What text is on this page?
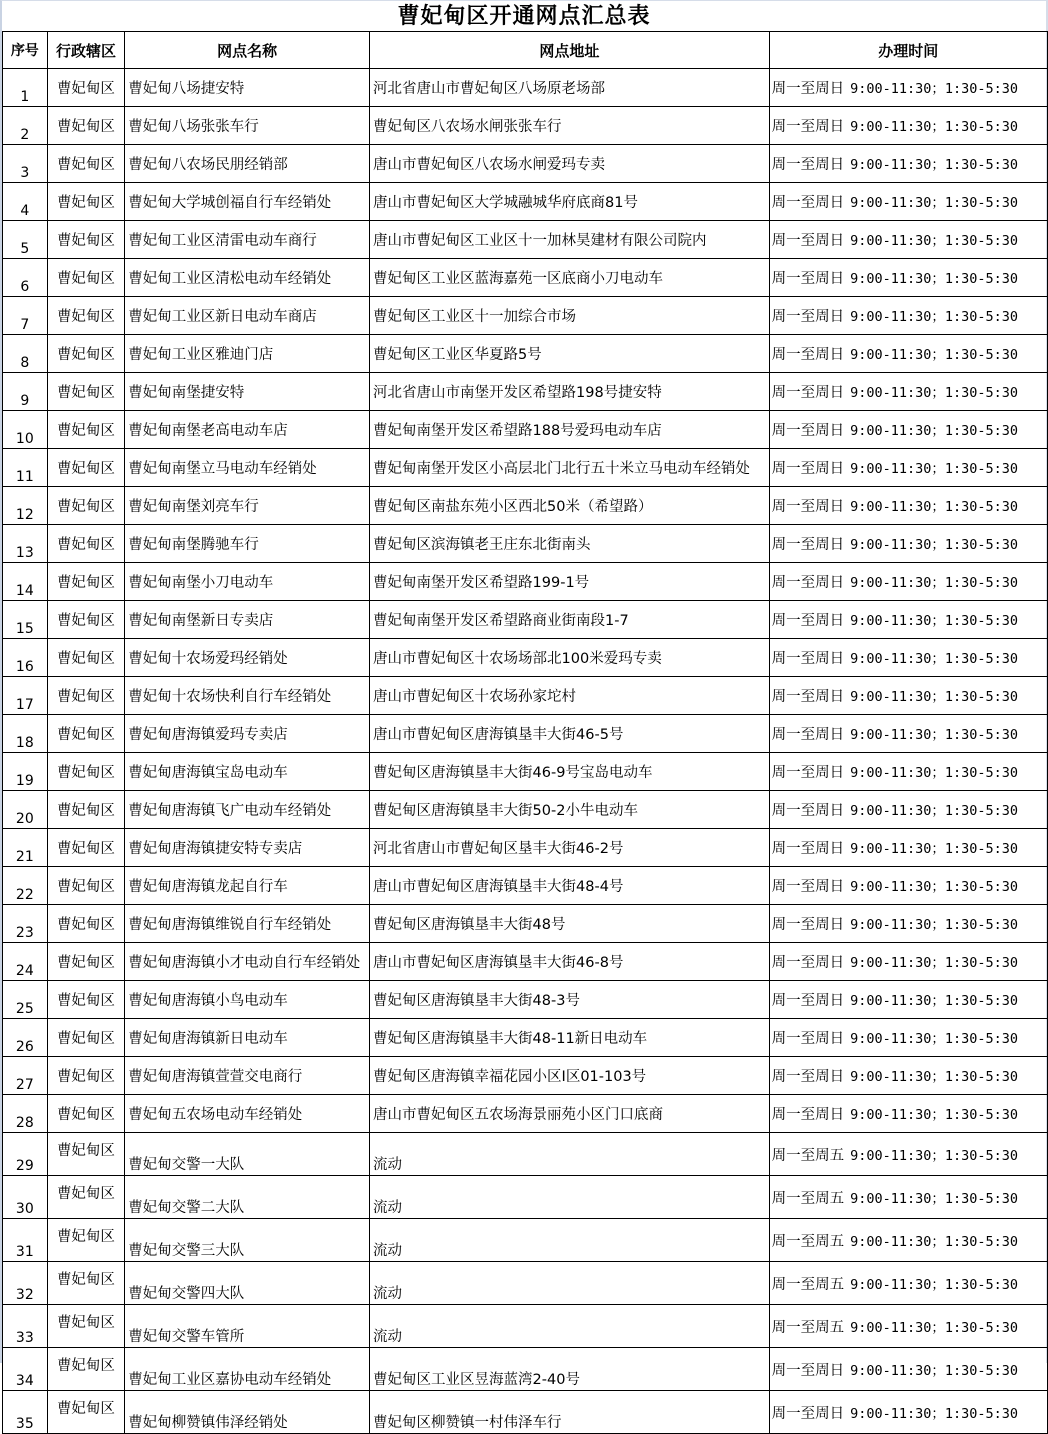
曹妃甸区开通网点汇总表
序号	行政辖区	网点名称	网点地址	办理时间
1	曹妃甸区	曹妃甸八场捷安特	河北省唐山市曹妃甸区八场原老场部	周一至周日 9:00-11:30；1:30-5:30
2	曹妃甸区	曹妃甸八场张张车行	曹妃甸区八农场水闸张张车行	周一至周日 9:00-11:30；1:30-5:30
3	曹妃甸区	曹妃甸八农场民朋经销部	唐山市曹妃甸区八农场水闸爱玛专卖	周一至周日 9:00-11:30；1:30-5:30
4	曹妃甸区	曹妃甸大学城创福自行车经销处	唐山市曹妃甸区大学城融城华府底商81号	周一至周日 9:00-11:30；1:30-5:30
5	曹妃甸区	曹妃甸工业区清雷电动车商行	唐山市曹妃甸区工业区十一加林昊建材有限公司院内	周一至周日 9:00-11:30；1:30-5:30
6	曹妃甸区	曹妃甸工业区清松电动车经销处	曹妃甸区工业区蓝海嘉苑一区底商小刀电动车	周一至周日 9:00-11:30；1:30-5:30
7	曹妃甸区	曹妃甸工业区新日电动车商店	曹妃甸区工业区十一加综合市场	周一至周日 9:00-11:30；1:30-5:30
8	曹妃甸区	曹妃甸工业区雅迪门店	曹妃甸区工业区华夏路5号	周一至周日 9:00-11:30；1:30-5:30
9	曹妃甸区	曹妃甸南堡捷安特	河北省唐山市南堡开发区希望路198号捷安特	周一至周日 9:00-11:30；1:30-5:30
10	曹妃甸区	曹妃甸南堡老高电动车店	曹妃甸南堡开发区希望路188号爱玛电动车店	周一至周日 9:00-11:30；1:30-5:30
11	曹妃甸区	曹妃甸南堡立马电动车经销处	曹妃甸南堡开发区小高层北门北行五十米立马电动车经销处	周一至周日 9:00-11:30；1:30-5:30
12	曹妃甸区	曹妃甸南堡刘亮车行	曹妃甸区南盐东苑小区西北50米（希望路）	周一至周日 9:00-11:30；1:30-5:30
13	曹妃甸区	曹妃甸南堡腾驰车行	曹妃甸区滨海镇老王庄东北街南头	周一至周日 9:00-11:30；1:30-5:30
14	曹妃甸区	曹妃甸南堡小刀电动车	曹妃甸南堡开发区希望路199-1号	周一至周日 9:00-11:30；1:30-5:30
15	曹妃甸区	曹妃甸南堡新日专卖店	曹妃甸南堡开发区希望路商业街南段1-7	周一至周日 9:00-11:30；1:30-5:30
16	曹妃甸区	曹妃甸十农场爱玛经销处	唐山市曹妃甸区十农场场部北100米爱玛专卖	周一至周日 9:00-11:30；1:30-5:30
17	曹妃甸区	曹妃甸十农场快利自行车经销处	唐山市曹妃甸区十农场孙家坨村	周一至周日 9:00-11:30；1:30-5:30
18	曹妃甸区	曹妃甸唐海镇爱玛专卖店	唐山市曹妃甸区唐海镇垦丰大街46-5号	周一至周日 9:00-11:30；1:30-5:30
19	曹妃甸区	曹妃甸唐海镇宝岛电动车	曹妃甸区唐海镇垦丰大街46-9号宝岛电动车	周一至周日 9:00-11:30；1:30-5:30
20	曹妃甸区	曹妃甸唐海镇飞广电动车经销处	曹妃甸区唐海镇垦丰大街50-2小牛电动车	周一至周日 9:00-11:30；1:30-5:30
21	曹妃甸区	曹妃甸唐海镇捷安特专卖店	河北省唐山市曹妃甸区垦丰大街46-2号	周一至周日 9:00-11:30；1:30-5:30
22	曹妃甸区	曹妃甸唐海镇龙起自行车	唐山市曹妃甸区唐海镇垦丰大街48-4号	周一至周日 9:00-11:30；1:30-5:30
23	曹妃甸区	曹妃甸唐海镇维锐自行车经销处	曹妃甸区唐海镇垦丰大街48号	周一至周日 9:00-11:30；1:30-5:30
24	曹妃甸区	曹妃甸唐海镇小才电动自行车经销处	唐山市曹妃甸区唐海镇垦丰大街46-8号	周一至周日 9:00-11:30；1:30-5:30
25	曹妃甸区	曹妃甸唐海镇小鸟电动车	曹妃甸区唐海镇垦丰大街48-3号	周一至周日 9:00-11:30；1:30-5:30
26	曹妃甸区	曹妃甸唐海镇新日电动车	曹妃甸区唐海镇垦丰大街48-11新日电动车	周一至周日 9:00-11:30；1:30-5:30
27	曹妃甸区	曹妃甸唐海镇萱萱交电商行	曹妃甸区唐海镇幸福花园小区I区01-103号	周一至周日 9:00-11:30；1:30-5:30
28	曹妃甸区	曹妃甸五农场电动车经销处	唐山市曹妃甸区五农场海景丽苑小区门口底商	周一至周日 9:00-11:30；1:30-5:30
29	曹妃甸区	曹妃甸交警一大队	流动	周一至周五 9:00-11:30；1:30-5:30
30	曹妃甸区	曹妃甸交警二大队	流动	周一至周五 9:00-11:30；1:30-5:30
31	曹妃甸区	曹妃甸交警三大队	流动	周一至周五 9:00-11:30；1:30-5:30
32	曹妃甸区	曹妃甸交警四大队	流动	周一至周五 9:00-11:30；1:30-5:30
33	曹妃甸区	曹妃甸交警车管所	流动	周一至周五 9:00-11:30；1:30-5:30
34	曹妃甸区	曹妃甸工业区嘉协电动车经销处	曹妃甸区工业区昱海蓝湾2-40号	周一至周日 9:00-11:30；1:30-5:30
35	曹妃甸区	曹妃甸柳赞镇伟泽经销处	曹妃甸区柳赞镇一村伟泽车行	周一至周日 9:00-11:30；1:30-5:30
